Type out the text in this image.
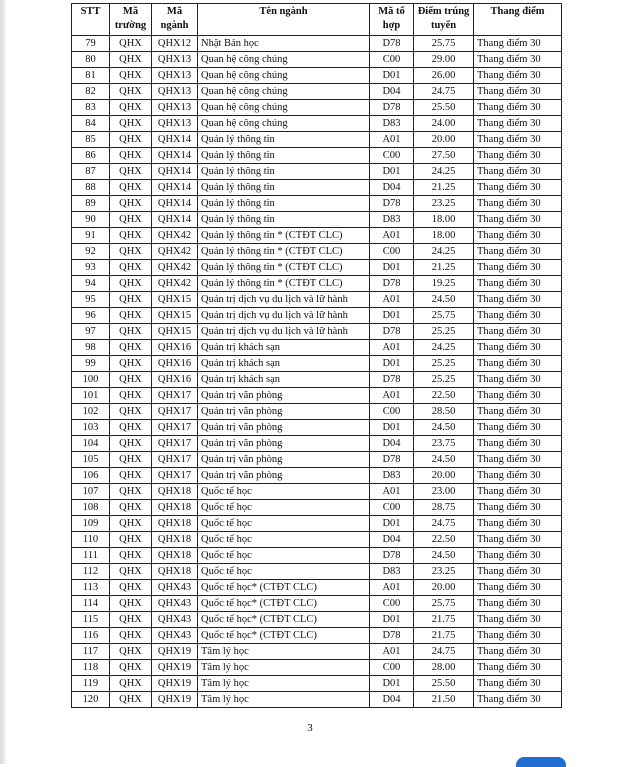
STT	Mã trường	Mã ngành	Tên ngành	Mã tổ hợp	Điểm trúng tuyển	Thang điểm
79	QHX	QHX12	Nhật Bản học	D78	25.75	Thang điểm 30
80	QHX	QHX13	Quan hệ công chúng	C00	29.00	Thang điểm 30
81	QHX	QHX13	Quan hệ công chúng	D01	26.00	Thang điểm 30
82	QHX	QHX13	Quan hệ công chúng	D04	24.75	Thang điểm 30
83	QHX	QHX13	Quan hệ công chúng	D78	25.50	Thang điểm 30
84	QHX	QHX13	Quan hệ công chúng	D83	24.00	Thang điểm 30
85	QHX	QHX14	Quản lý thông tin	A01	20.00	Thang điểm 30
86	QHX	QHX14	Quản lý thông tin	C00	27.50	Thang điểm 30
87	QHX	QHX14	Quản lý thông tin	D01	24.25	Thang điểm 30
88	QHX	QHX14	Quản lý thông tin	D04	21.25	Thang điểm 30
89	QHX	QHX14	Quản lý thông tin	D78	23.25	Thang điểm 30
90	QHX	QHX14	Quản lý thông tin	D83	18.00	Thang điểm 30
91	QHX	QHX42	Quản lý thông tin * (CTĐT CLC)	A01	18.00	Thang điểm 30
92	QHX	QHX42	Quản lý thông tin * (CTĐT CLC)	C00	24.25	Thang điểm 30
93	QHX	QHX42	Quản lý thông tin * (CTĐT CLC)	D01	21.25	Thang điểm 30
94	QHX	QHX42	Quản lý thông tin * (CTĐT CLC)	D78	19.25	Thang điểm 30
95	QHX	QHX15	Quản trị dịch vụ du lịch và lữ hành	A01	24.50	Thang điểm 30
96	QHX	QHX15	Quản trị dịch vụ du lịch và lữ hành	D01	25.75	Thang điểm 30
97	QHX	QHX15	Quản trị dịch vụ du lịch và lữ hành	D78	25.25	Thang điểm 30
98	QHX	QHX16	Quản trị khách sạn	A01	24.25	Thang điểm 30
99	QHX	QHX16	Quản trị khách sạn	D01	25.25	Thang điểm 30
100	QHX	QHX16	Quản trị khách sạn	D78	25.25	Thang điểm 30
101	QHX	QHX17	Quản trị văn phòng	A01	22.50	Thang điểm 30
102	QHX	QHX17	Quản trị văn phòng	C00	28.50	Thang điểm 30
103	QHX	QHX17	Quản trị văn phòng	D01	24.50	Thang điểm 30
104	QHX	QHX17	Quản trị văn phòng	D04	23.75	Thang điểm 30
105	QHX	QHX17	Quản trị văn phòng	D78	24.50	Thang điểm 30
106	QHX	QHX17	Quản trị văn phòng	D83	20.00	Thang điểm 30
107	QHX	QHX18	Quốc tế học	A01	23.00	Thang điểm 30
108	QHX	QHX18	Quốc tế học	C00	28.75	Thang điểm 30
109	QHX	QHX18	Quốc tế học	D01	24.75	Thang điểm 30
110	QHX	QHX18	Quốc tế học	D04	22.50	Thang điểm 30
111	QHX	QHX18	Quốc tế học	D78	24.50	Thang điểm 30
112	QHX	QHX18	Quốc tế học	D83	23.25	Thang điểm 30
113	QHX	QHX43	Quốc tế học* (CTĐT CLC)	A01	20.00	Thang điểm 30
114	QHX	QHX43	Quốc tế học* (CTĐT CLC)	C00	25.75	Thang điểm 30
115	QHX	QHX43	Quốc tế học* (CTĐT CLC)	D01	21.75	Thang điểm 30
116	QHX	QHX43	Quốc tế học* (CTĐT CLC)	D78	21.75	Thang điểm 30
117	QHX	QHX19	Tâm lý học	A01	24.75	Thang điểm 30
118	QHX	QHX19	Tâm lý học	C00	28.00	Thang điểm 30
119	QHX	QHX19	Tâm lý học	D01	25.50	Thang điểm 30
120	QHX	QHX19	Tâm lý học	D04	21.50	Thang điểm 30
3
